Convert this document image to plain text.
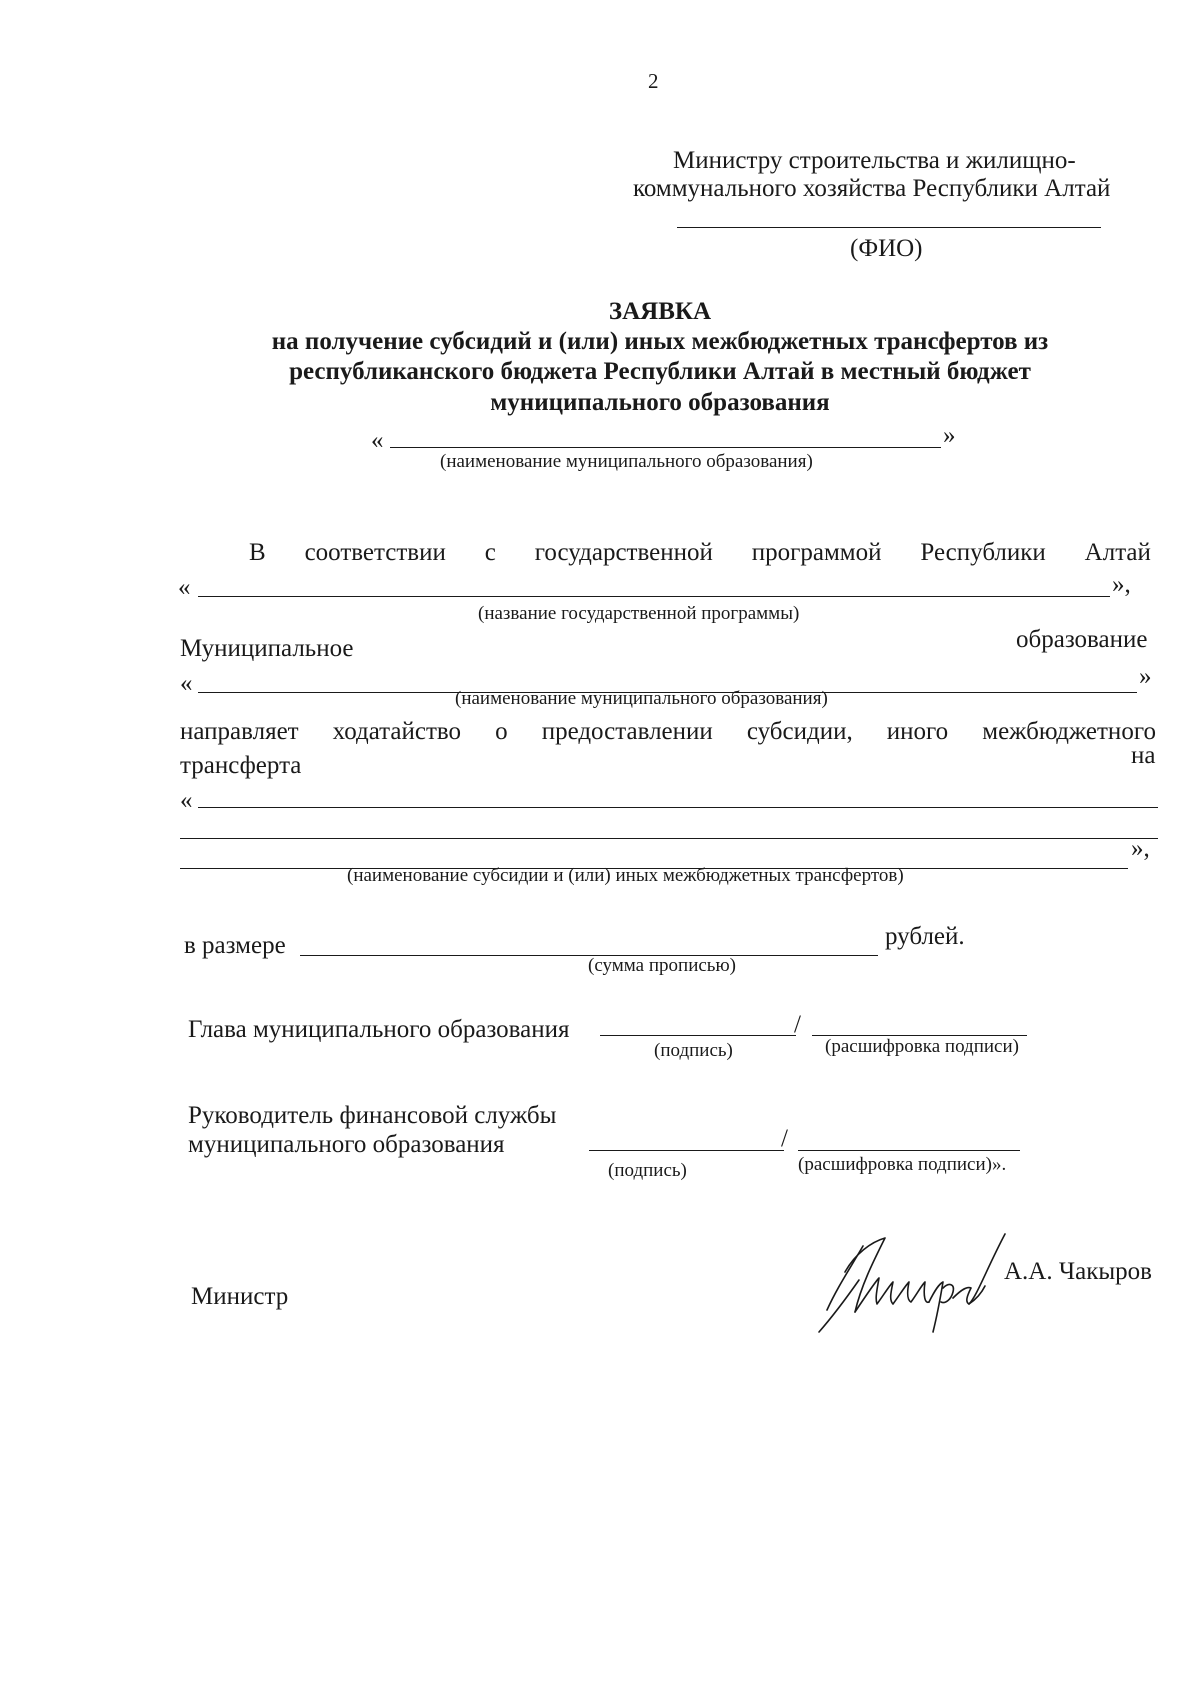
2
Министру строительства и жилищно-
коммунального хозяйства Республики Алтай
(ФИО)
ЗАЯВКА
на получение субсидий и (или) иных межбюджетных трансфертов из
республиканского бюджета Республики Алтай в местный бюджет
муниципального образования
«	»
(наименование муниципального образования)
В соответствии с государственной программой Республики Алтай
«	»,
(название государственной программы)
Муниципальное	образование
«	»
(наименование муниципального образования)
направляет ходатайство о предоставлении субсидии, иного межбюджетного
трансферта	на
«
»,
(наименование субсидии и (или) иных межбюджетных трансфертов)
в размере	рублей.
(сумма прописью)
Глава муниципального образования	/
(подпись)	(расшифровка подписи)
Руководитель финансовой службы
муниципального образования	/
(подпись)	(расшифровка подписи)».
Министр
А.А. Чакыров
